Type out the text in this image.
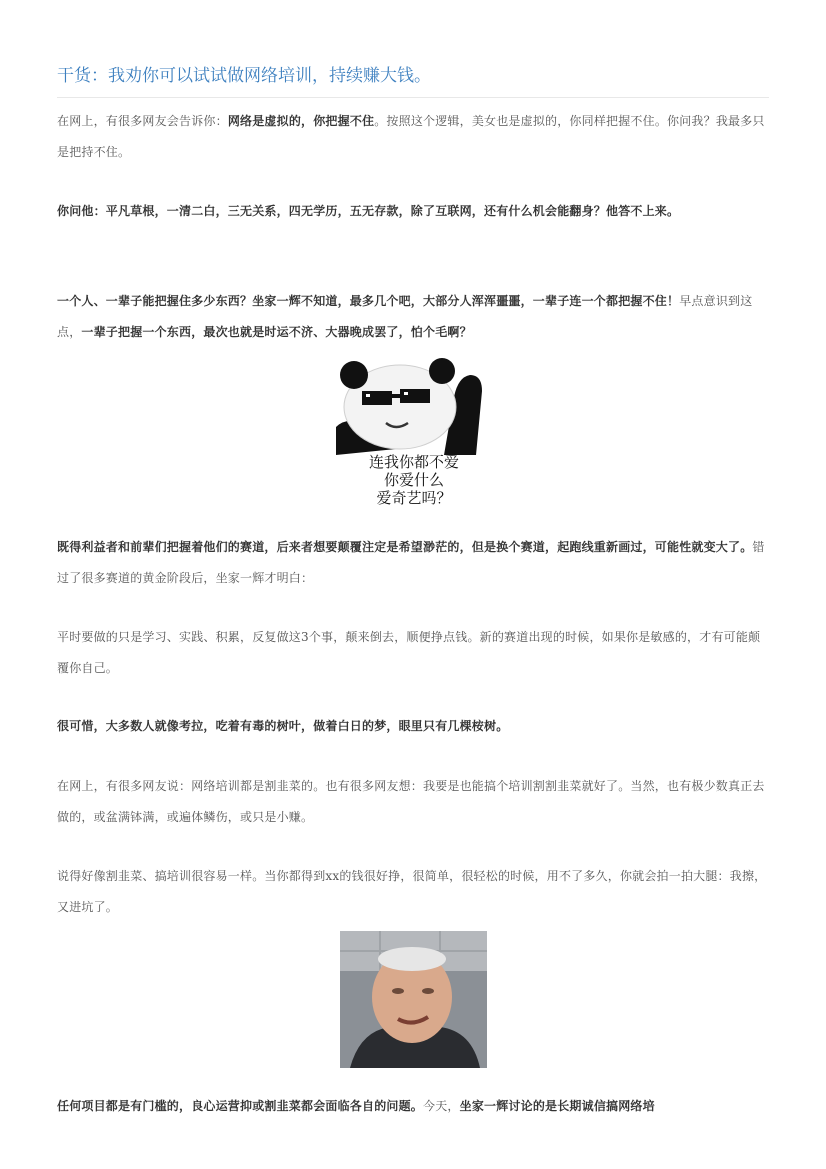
干货：我劝你可以试试做网络培训，持续赚大钱。
在网上，有很多网友会告诉你：网络是虚拟的，你把握不住。按照这个逻辑，美女也是虚拟的，你同样把握不住。你问我？我最多只是把持不住。
你问他：平凡草根，一清二白，三无关系，四无学历，五无存款，除了互联网，还有什么机会能翻身？他答不上来。
一个人、一辈子能把握住多少东西？坐家一辉不知道，最多几个吧，大部分人浑浑噩噩，一辈子连一个都把握不住！早点意识到这点，一辈子把握一个东西，最次也就是时运不济、大器晚成罢了，怕个毛啊？
连我你都不爱
你爱什么
爱奇艺吗？
既得利益者和前辈们把握着他们的赛道，后来者想要颠覆注定是希望渺茫的，但是换个赛道，起跑线重新画过，可能性就变大了。错过了很多赛道的黄金阶段后，坐家一辉才明白：
平时要做的只是学习、实践、积累，反复做这3个事，颠来倒去，顺便挣点钱。新的赛道出现的时候，如果你是敏感的，才有可能颠覆你自己。
很可惜，大多数人就像考拉，吃着有毒的树叶，做着白日的梦，眼里只有几棵桉树。
在网上，有很多网友说：网络培训都是割韭菜的。也有很多网友想：我要是也能搞个培训割割韭菜就好了。当然，也有极少数真正去做的，或盆满钵满，或遍体鳞伤，或只是小赚。
说得好像割韭菜、搞培训很容易一样。当你都得到xx的钱很好挣，很简单，很轻松的时候，用不了多久，你就会拍一拍大腿：我擦，又进坑了。
任何项目都是有门槛的，良心运营抑或割韭菜都会面临各自的问题。今天，坐家一辉讨论的是长期诚信搞网络培
